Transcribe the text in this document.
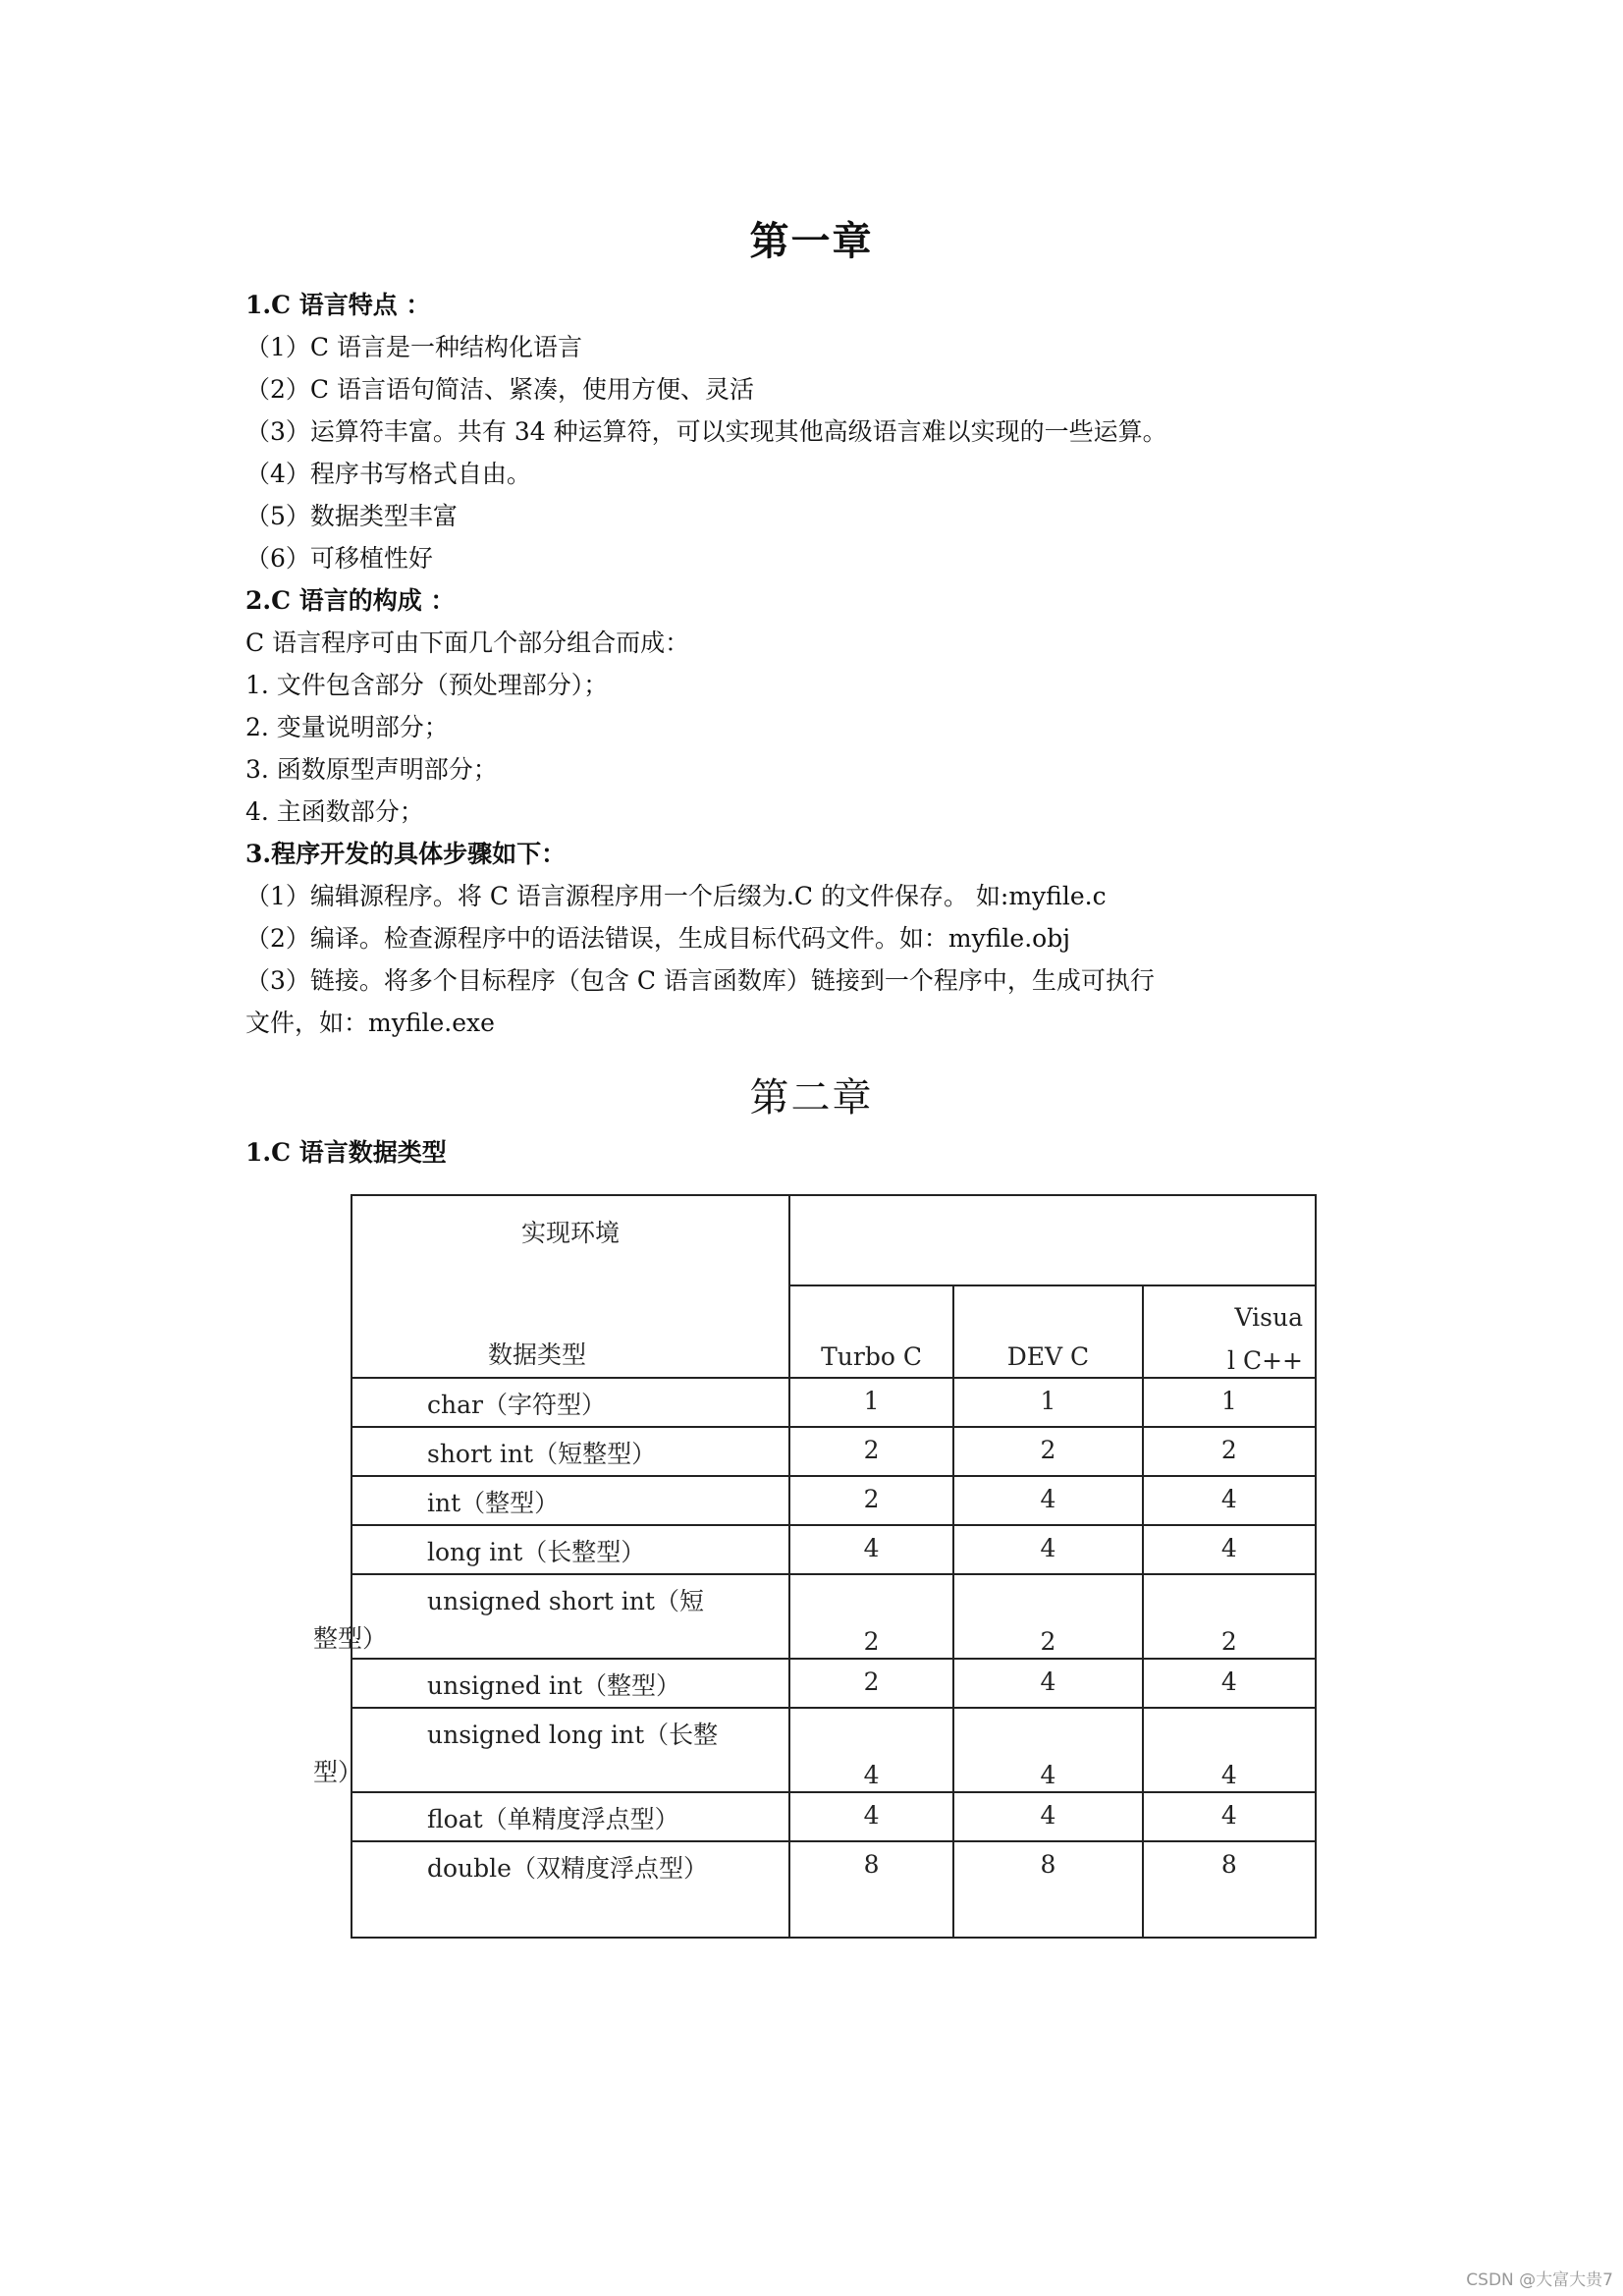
第一章
1.C 语言特点 ：
（1）C 语言是一种结构化语言
（2）C 语言语句简洁、紧凑，使用方便、灵活
（3）运算符丰富。共有 34 种运算符，可以实现其他高级语言难以实现的一些运算。
（4）程序书写格式自由。
（5）数据类型丰富
（6）可移植性好
2.C 语言的构成 ：
C 语言程序可由下面几个部分组合而成：
1. 文件包含部分（预处理部分）；
2. 变量说明部分；
3. 函数原型声明部分；
4. 主函数部分；
3.程序开发的具体步骤如下：
（1）编辑源程序。将 C 语言源程序用一个后缀为.C 的文件保存。 如:myfile.c
（2）编译。检查源程序中的语法错误，生成目标代码文件。如：myfile.obj
（3）链接。将多个目标程序（包含 C 语言函数库）链接到一个程序中，生成可执行
文件，如：myfile.exe
第二章
1.C 语言数据类型
实现环境
数据类型			

	Turbo C	DEV C	Visua
l C++

char（字符型）	1	1	1
short int（短整型）	2	2	2
int（整型）	2	4	4
long int（长整型）	4	4	4
unsigned short int（短
整型）	2	2	2
unsigned int（整型）	2	4	4
unsigned long int（长整
型）	4	4	4
float（单精度浮点型）	4	4	4
double（双精度浮点型）	8	8	8
CSDN @大富大贵7
